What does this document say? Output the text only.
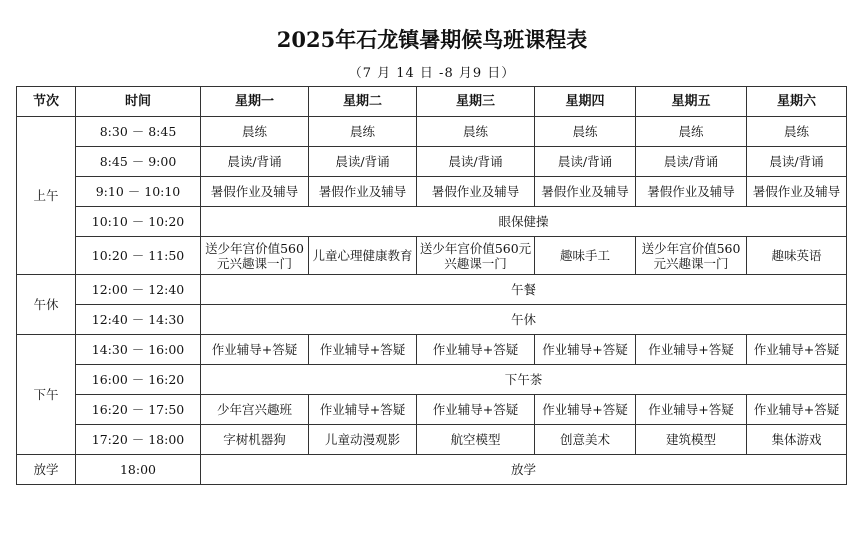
2025年石龙镇暑期候鸟班课程表
（7 月 14 日 -8 月9 日）
节次	时间	星期一	星期二	星期三	星期四	星期五	星期六
上午	8:30 － 8:45	晨练	晨练	晨练	晨练	晨练	晨练
	8:45 － 9:00	晨读/背诵	晨读/背诵	晨读/背诵	晨读/背诵	晨读/背诵	晨读/背诵
	9:10 － 10:10	暑假作业及辅导	暑假作业及辅导	暑假作业及辅导	暑假作业及辅导	暑假作业及辅导	暑假作业及辅导
	10:10 － 10:20	眼保健操					
	10:20 － 11:50	送少年宫价值560元兴趣课一门	儿童心理健康教育	送少年宫价值560元兴趣课一门	趣味手工	送少年宫价值560元兴趣课一门	趣味英语
午休	12:00 － 12:40	午餐					
	12:40 － 14:30	午休					
下午	14:30 － 16:00	作业辅导+答疑	作业辅导+答疑	作业辅导+答疑	作业辅导+答疑	作业辅导+答疑	作业辅导+答疑
	16:00 － 16:20	下午茶					
	16:20 － 17:50	少年宫兴趣班	作业辅导+答疑	作业辅导+答疑	作业辅导+答疑	作业辅导+答疑	作业辅导+答疑
	17:20 － 18:00	字树机器狗	儿童动漫观影	航空模型	创意美术	建筑模型	集体游戏
放学	18:00	放学					
